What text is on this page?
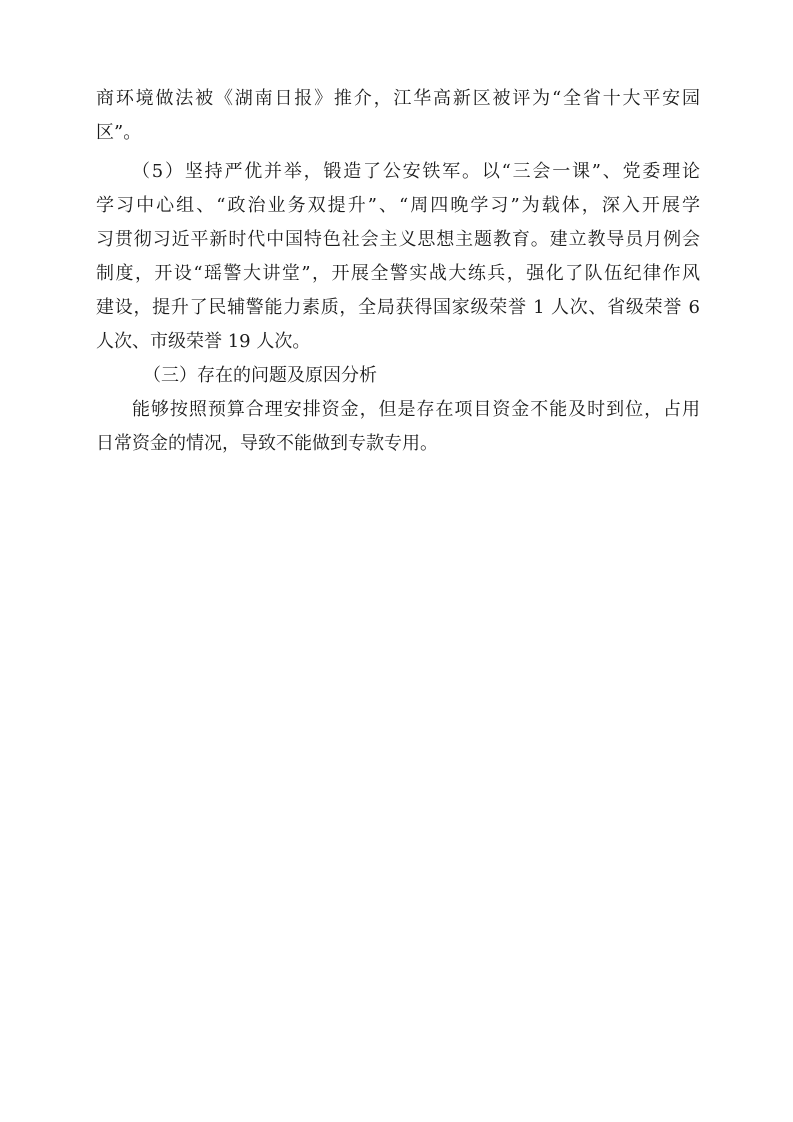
商环境做法被《湖南日报》推介，江华高新区被评为“全省十大平安园
区”。
（5）坚持严优并举，锻造了公安铁军。以“三会一课”、党委理论
学习中心组、“政治业务双提升”、“周四晚学习”为载体，深入开展学
习贯彻习近平新时代中国特色社会主义思想主题教育。建立教导员月例会
制度，开设“瑶警大讲堂”，开展全警实战大练兵，强化了队伍纪律作风
建设，提升了民辅警能力素质，全局获得国家级荣誉 1 人次、省级荣誉 6
人次、市级荣誉 19 人次。
（三）存在的问题及原因分析
能够按照预算合理安排资金，但是存在项目资金不能及时到位，占用
日常资金的情况，导致不能做到专款专用。
